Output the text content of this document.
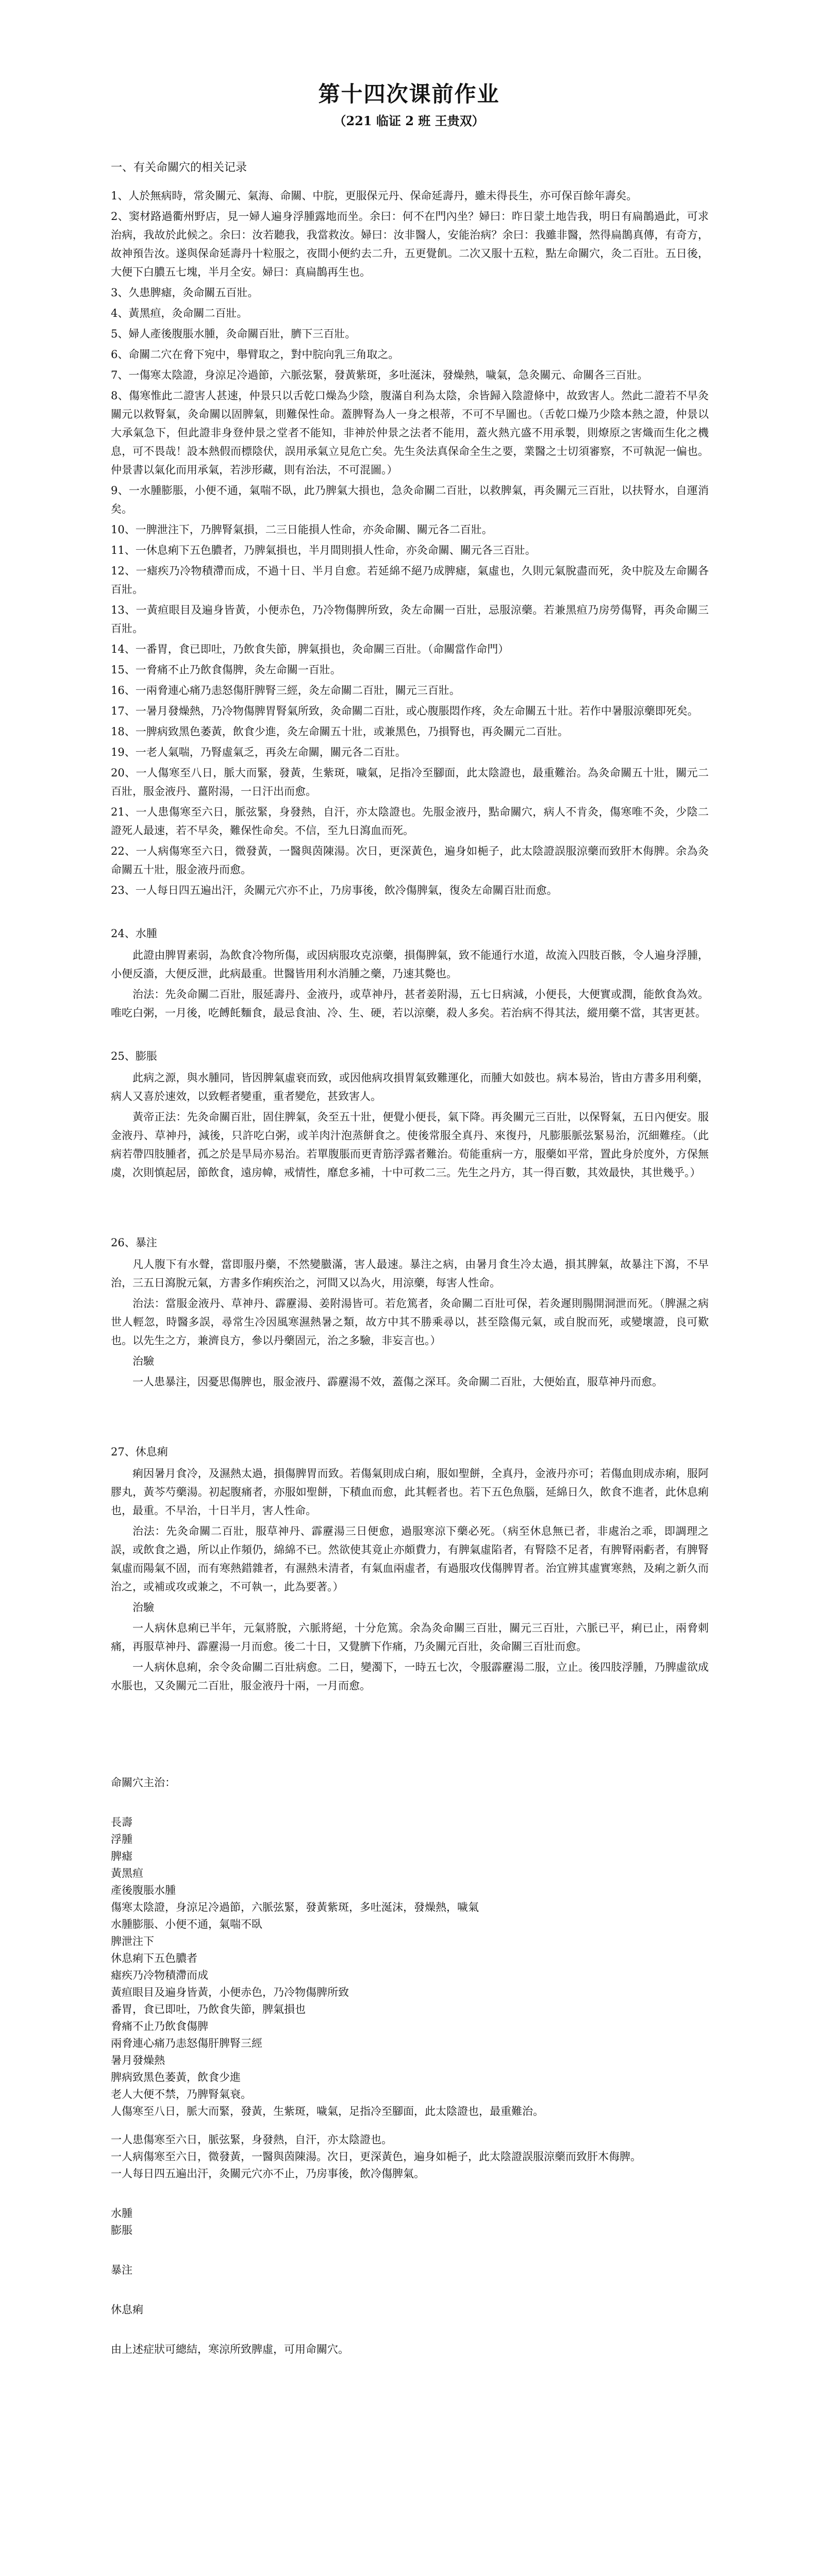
第十四次课前作业
（221 临证 2 班 王贵双）
一、有关命關穴的相关记录

1、人於無病時，常灸關元、氣海、命關、中脘，更服保元丹、保命延壽丹，雖未得長生，亦可保百餘年壽矣。

2、窦材路過衢州野店，見一婦人遍身浮腫露地而坐。余曰：何不在門內坐？婦曰：昨日蒙土地告我，明日有扁鵲過此，可求治病，我故於此候之。余曰：汝若聽我，我當救汝。婦曰：汝非醫人，安能治病？余曰：我雖非醫，然得扁鵲真傳，有奇方，故神預告汝。遂與保命延壽丹十粒服之，夜間小便約去二升，五更覺飢。二次又服十五粒，點左命關穴，灸二百壯。五日後，大便下白膿五七塊，半月全安。婦曰：真扁鵲再生也。

3、久患脾瘧，灸命關五百壯。

4、黃黑疸，灸命關二百壯。

5、婦人產後腹脹水腫，灸命關百壯，臍下三百壯。

6、命關二穴在脅下宛中，舉臂取之，對中脘向乳三角取之。

7、一傷寒太陰證，身涼足冷過節，六脈弦緊，發黃紫斑，多吐涎沫，發燥熱，噦氣，急灸關元、命關各三百壯。

8、傷寒惟此二證害人甚速，仲景只以舌乾口燥為少陰，腹滿自利為太陰，余皆歸入陰證條中，故致害人。然此二證若不早灸關元以救腎氣，灸命關以固脾氣，則難保性命。蓋脾腎為人一身之根蒂，不可不早圖也。（舌乾口燥乃少陰本熱之證，仲景以大承氣急下，但此證非身登仲景之堂者不能知，非神於仲景之法者不能用，蓋火熱亢盛不用承製，則燎原之害熾而生化之機息，可不畏哉！設本熱假而標陰伏，誤用承氣立見危亡矣。先生灸法真保命全生之要，業醫之士切須審察，不可執泥一偏也。仲景書以氣化而用承氣，若涉形藏，則有治法，不可混圖。）

9、一水腫膨脹，小便不通，氣喘不臥，此乃脾氣大損也，急灸命關二百壯，以救脾氣，再灸關元三百壯，以扶腎水，自運消矣。

10、一脾泄注下，乃脾腎氣損，二三日能損人性命，亦灸命關、關元各二百壯。

11、一休息痢下五色膿者，乃脾氣損也，半月間則損人性命，亦灸命關、關元各三百壯。

12、一瘧疾乃冷物積滯而成，不過十日、半月自愈。若延綿不絕乃成脾瘧，氣虛也，久則元氣脫盡而死，灸中脘及左命關各百壯。

13、一黃疸眼目及遍身皆黃，小便赤色，乃冷物傷脾所致，灸左命關一百壯，忌服涼藥。若兼黑疸乃房勞傷腎，再灸命關三百壯。

14、一番胃，食已即吐，乃飲食失節，脾氣損也，灸命關三百壯。（命關當作命門）

15、一脅痛不止乃飲食傷脾，灸左命關一百壯。

16、一兩脅連心痛乃恚怒傷肝脾腎三經，灸左命關二百壯，關元三百壯。

17、一暑月發燥熱，乃冷物傷脾胃腎氣所致，灸命關二百壯，或心腹脹悶作疼，灸左命關五十壯。若作中暑服涼藥即死矣。

18、一脾病致黑色萎黃，飲食少進，灸左命關五十壯，或兼黑色，乃損腎也，再灸關元二百壯。

19、一老人氣喘，乃腎虛氣乏，再灸左命關，關元各二百壯。

20、一人傷寒至八日，脈大而緊，發黃，生紫斑，噦氣，足指冷至腳面，此太陰證也，最重難治。為灸命關五十壯，關元二百壯，服金液丹、薑附湯，一日汗出而愈。

21、一人患傷寒至六日，脈弦緊，身發熱，自汗，亦太陰證也。先服金液丹，點命關穴，病人不肯灸，傷寒唯不灸，少陰二證死人最速，若不早灸，難保性命矣。不信，至九日瀉血而死。

22、一人病傷寒至六日，微發黃，一醫與茵陳湯。次日，更深黃色，遍身如梔子，此太陰證誤服涼藥而致肝木侮脾。余為灸命關五十壯，服金液丹而愈。

23、一人每日四五遍出汗，灸關元穴亦不止，乃房事後，飲冷傷脾氣，復灸左命關百壯而愈。

24、水腫

此證由脾胃素弱，為飲食冷物所傷，或因病服攻克涼藥，損傷脾氣，致不能通行水道，故流入四肢百骸，令人遍身浮腫，小便反濇，大便反泄，此病最重。世醫皆用利水消腫之藥，乃速其斃也。

治法：先灸命關二百壯，服延壽丹、金液丹，或草神丹，甚者姜附湯，五七日病減，小便長，大便實或潤，能飲食為效。唯吃白粥，一月後，吃餺飥麵食，最忌食油、冷、生、硬，若以涼藥，殺人多矣。若治病不得其法，縱用藥不當，其害更甚。

25、膨脹

此病之源，與水腫同，皆因脾氣虛衰而致，或因他病攻損胃氣致難運化，而腫大如鼓也。病本易治，皆由方書多用利藥，病人又喜於速效，以致輕者變重，重者變危，甚致害人。

黃帝正法：先灸命關百壯，固住脾氣，灸至五十壯，便覺小便長，氣下降。再灸關元三百壯，以保腎氣，五日內便安。服金液丹、草神丹，減後，只許吃白粥，或羊肉汁泡蒸餅食之。使後常服全真丹、來復丹，凡膨脹脈弦緊易治，沉細難痊。（此病若帶四肢腫者，孤之於是旱局亦易治。若單腹脹而更青筋浮露者難治。荀能重病一方，服藥如平常，置此身於度外，方保無虞，次則慎起居，節飲食，遠房幃，戒情性，靡怠多補，十中可救二三。先生之丹方，其一得百數，其效最快，其世幾乎。）

26、暴注

凡人腹下有水聲，當即服丹藥，不然變臌滿，害人最速。暴注之病，由暑月食生冷太過，損其脾氣，故暴注下瀉，不早治，三五日瀉脫元氣，方書多作痢疾治之，河間又以為火，用涼藥，每害人性命。

治法：當服金液丹、草神丹、霹靂湯、姜附湯皆可。若危篤者，灸命關二百壯可保，若灸遲則腸開洞泄而死。（脾濕之病世人輕忽，時醫多誤，尋常生冷因風寒濕熱暑之類，故方中其不勝乘尋以，甚至陰傷元氣，或自脫而死，或變壞證，良可歎也。以先生之方，兼濟良方，參以丹藥固元，治之多驗，非妄言也。）

治驗

一人患暴注，因憂思傷脾也，服金液丹、霹靂湯不效，蓋傷之深耳。灸命關二百壯，大便始直，服草神丹而愈。

27、休息痢

痢因暑月食冷，及濕熱太過，損傷脾胃而致。若傷氣則成白痢，服如聖餅，全真丹，金液丹亦可；若傷血則成赤痢，服阿膠丸，黃芩芍藥湯。初起腹痛者，亦服如聖餅，下積血而愈，此其輕者也。若下五色魚腦，延綿日久，飲食不進者，此休息痢也，最重。不早治，十日半月，害人性命。

治法：先灸命關二百壯，服草神丹、霹靂湯三日便愈，過服寒涼下藥必死。（病至休息無已者，非處治之乖，即調理之誤，或飲食之過，所以止作頻仍，綿綿不已。然欲使其竟止亦頗費力，有脾氣虛陷者，有腎陰不足者，有脾腎兩虧者，有脾腎氣虛而陽氣不固，而有寒熱錯雜者，有濕熱未清者，有氣血兩虛者，有過服攻伐傷脾胃者。治宜辨其虛實寒熱，及痢之新久而治之，或補或攻或兼之，不可執一，此為要著。）

治驗

一人病休息痢已半年，元氣將脫，六脈將絕，十分危篤。余為灸命關三百壯，關元三百壯，六脈已平，痢已止，兩脅刺痛，再服草神丹、霹靂湯一月而愈。後二十日，又覺臍下作痛，乃灸關元百壯，灸命關三百壯而愈。

一人病休息痢，余令灸命關二百壯病愈。二日，變濁下，一時五七次，令服霹靂湯二服，立止。後四肢浮腫，乃脾虛欲成水脹也，又灸關元二百壯，服金液丹十兩，一月而愈。

命關穴主治：

長壽

浮腫

脾瘧

黃黑疸

產後腹脹水腫

傷寒太陰證，身涼足冷過節，六脈弦緊，發黃紫斑，多吐涎沫，發燥熱，噦氣

水腫膨脹、小便不通，氣喘不臥

脾泄注下

休息痢下五色膿者

瘧疾乃冷物積滯而成

黃疸眼目及遍身皆黃，小便赤色，乃冷物傷脾所致

番胃，食已即吐，乃飲食失節，脾氣損也

脅痛不止乃飲食傷脾

兩脅連心痛乃恚怒傷肝脾腎三經

暑月發燥熱

脾病致黑色萎黃，飲食少進

老人大便不禁，乃脾腎氣衰。

人傷寒至八日，脈大而緊，發黃，生紫斑，噦氣，足指冷至腳面，此太陰證也，最重難治。

一人患傷寒至六日，脈弦緊，身發熱，自汗，亦太陰證也。

一人病傷寒至六日，微發黃，一醫與茵陳湯。次日，更深黃色，遍身如梔子，此太陰證誤服涼藥而致肝木侮脾。

一人每日四五遍出汗，灸關元穴亦不止，乃房事後，飲冷傷脾氣。

水腫

膨脹

暴注

休息痢

由上述症狀可總結，寒涼所致脾虛，可用命關穴。
